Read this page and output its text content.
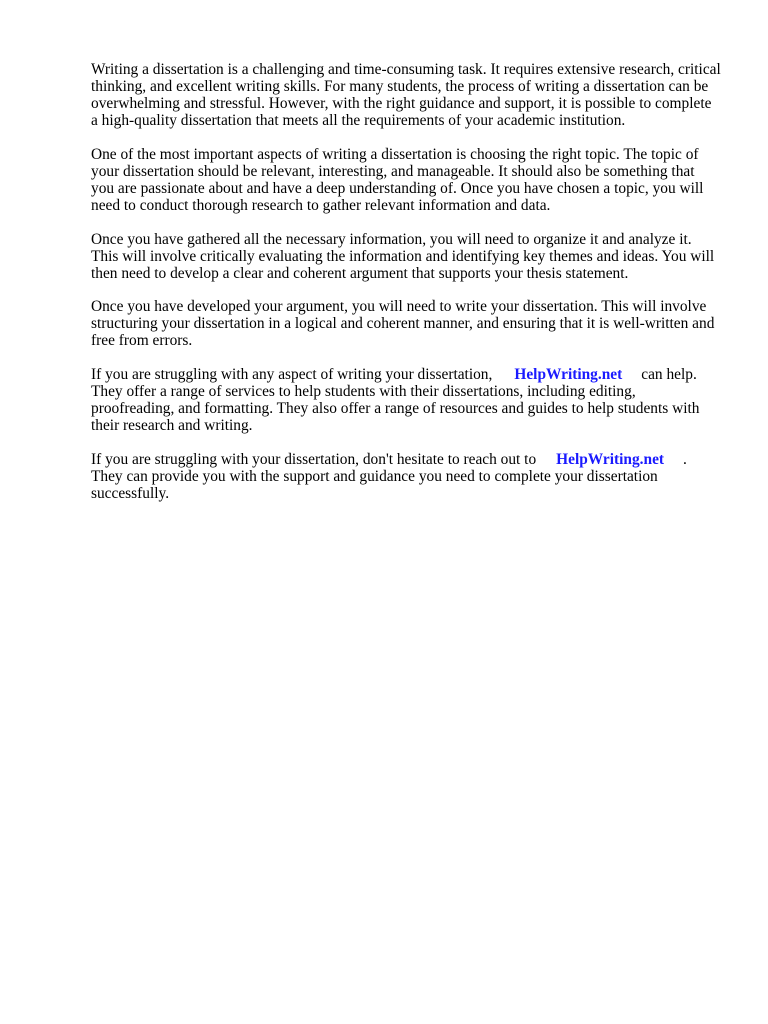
Writing a dissertation is a challenging and time-consuming task. It requires extensive research, critical
thinking, and excellent writing skills. For many students, the process of writing a dissertation can be
overwhelming and stressful. However, with the right guidance and support, it is possible to complete
a high-quality dissertation that meets all the requirements of your academic institution.
One of the most important aspects of writing a dissertation is choosing the right topic. The topic of
your dissertation should be relevant, interesting, and manageable. It should also be something that
you are passionate about and have a deep understanding of. Once you have chosen a topic, you will
need to conduct thorough research to gather relevant information and data.
Once you have gathered all the necessary information, you will need to organize it and analyze it.
This will involve critically evaluating the information and identifying key themes and ideas. You will
then need to develop a clear and coherent argument that supports your thesis statement.
Once you have developed your argument, you will need to write your dissertation. This will involve
structuring your dissertation in a logical and coherent manner, and ensuring that it is well-written and
free from errors.
If you are struggling with any aspect of writing your dissertation, HelpWriting.net can help.
They offer a range of services to help students with their dissertations, including editing,
proofreading, and formatting. They also offer a range of resources and guides to help students with
their research and writing.
If you are struggling with your dissertation, don't hesitate to reach out to HelpWriting.net .
They can provide you with the support and guidance you need to complete your dissertation
successfully.
